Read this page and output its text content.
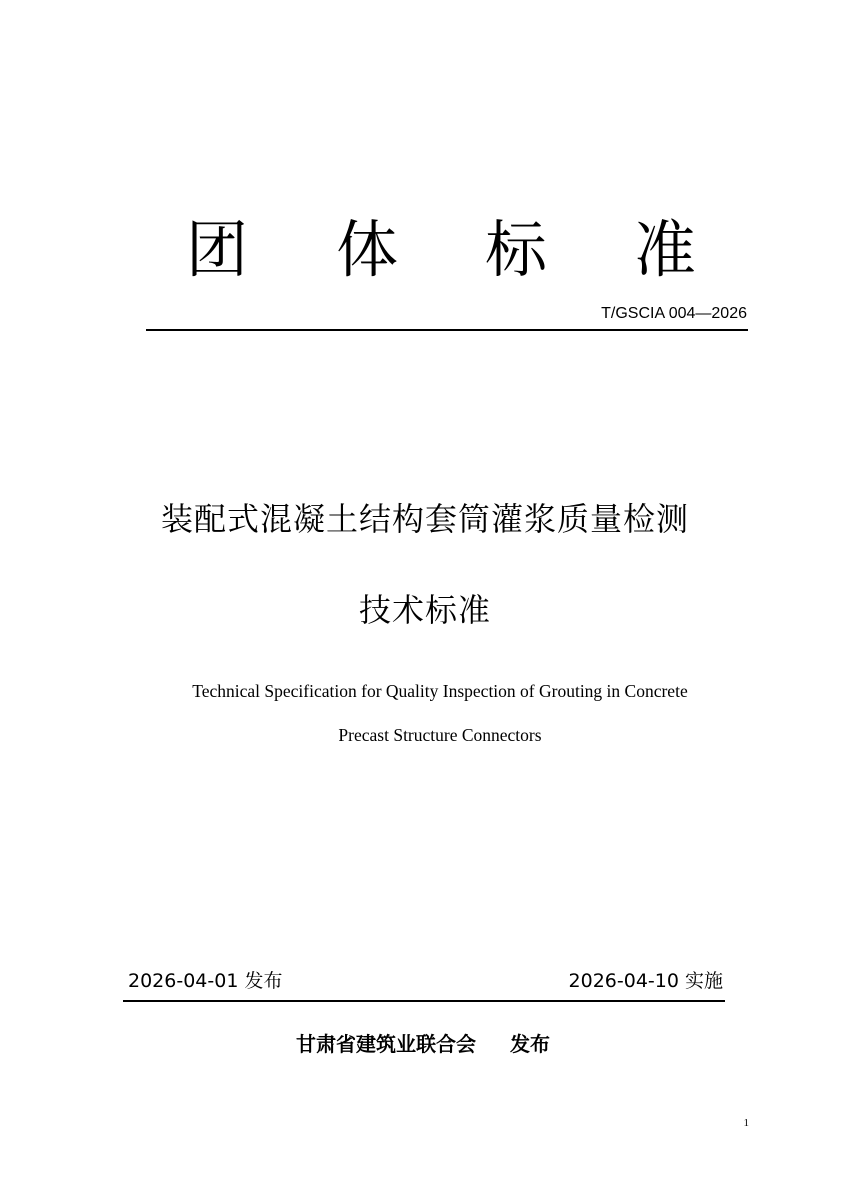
团 体 标 准
T/GSCIA 004—2026
装配式混凝土结构套筒灌浆质量检测
技术标准
Technical Specification for Quality Inspection of Grouting in Concrete
Precast Structure Connectors
2026-04-01 发布	2026-04-10 实施
甘肃省建筑业联合会 发布
1
